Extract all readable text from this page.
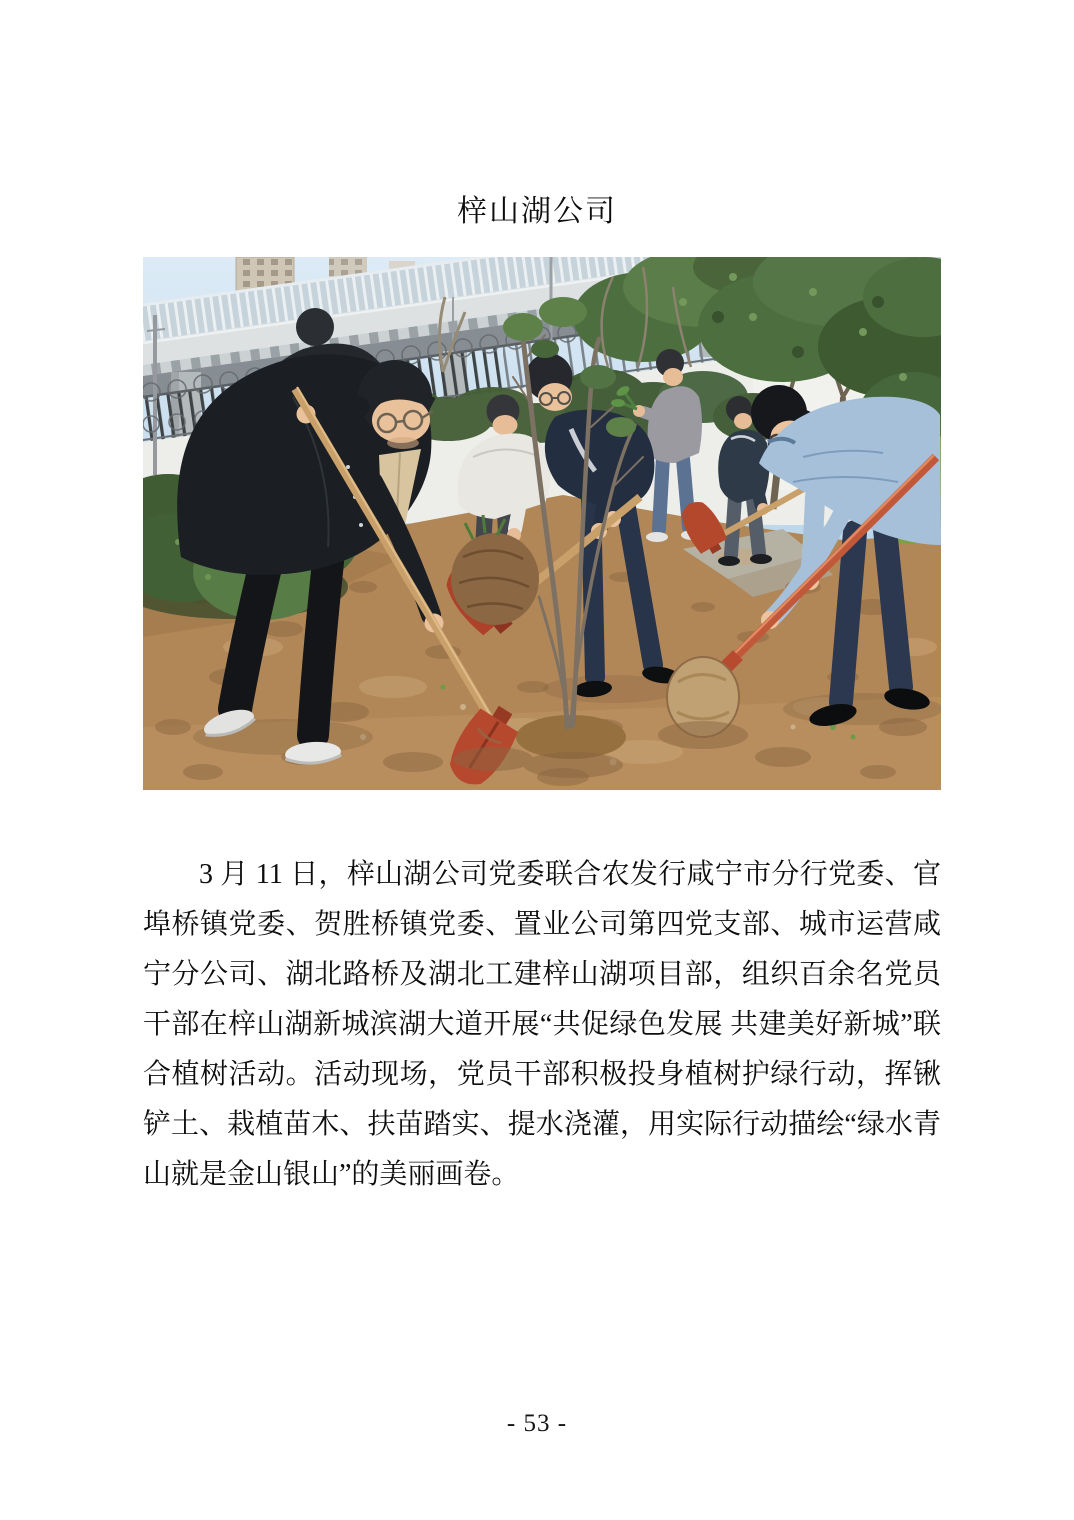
梓山湖公司

3 月 11 日，梓山湖公司党委联合农发行咸宁市分行党委、官埠桥镇党委、贺胜桥镇党委、置业公司第四党支部、城市运营咸宁分公司、湖北路桥及湖北工建梓山湖项目部，组织百余名党员干部在梓山湖新城滨湖大道开展“共促绿色发展 共建美好新城”联合植树活动。活动现场，党员干部积极投身植树护绿行动，挥锹铲土、栽植苗木、扶苗踏实、提水浇灌，用实际行动描绘“绿水青山就是金山银山”的美丽画卷。

- 53 -
